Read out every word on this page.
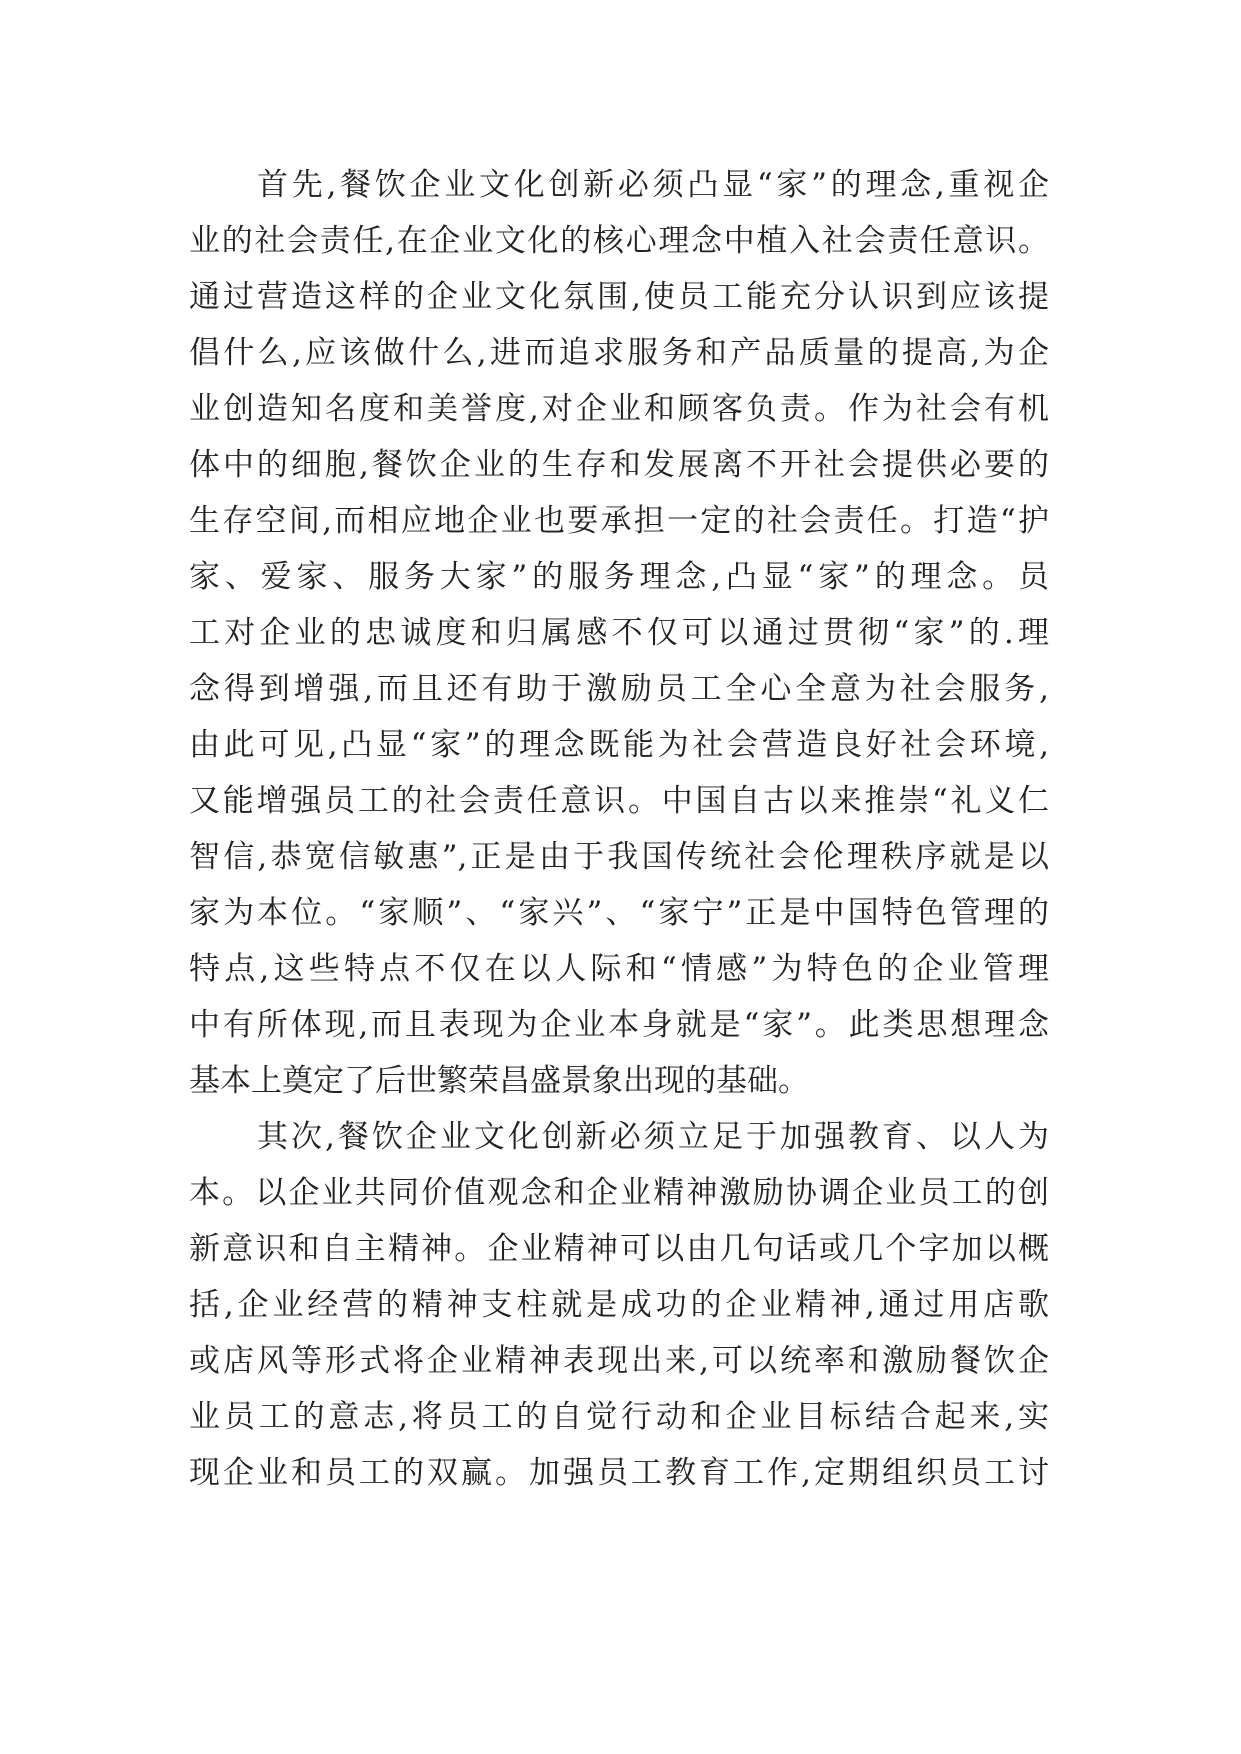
首先,餐饮企业文化创新必须凸显“家”的理念,重视企
业的社会责任,在企业文化的核心理念中植入社会责任意识。
通过营造这样的企业文化氛围,使员工能充分认识到应该提
倡什么,应该做什么,进而追求服务和产品质量的提高,为企
业创造知名度和美誉度,对企业和顾客负责。作为社会有机
体中的细胞,餐饮企业的生存和发展离不开社会提供必要的
生存空间,而相应地企业也要承担一定的社会责任。打造“护
家、爱家、服务大家”的服务理念,凸显“家”的理念。员
工对企业的忠诚度和归属感不仅可以通过贯彻“家”的.理
念得到增强,而且还有助于激励员工全心全意为社会服务,
由此可见,凸显“家”的理念既能为社会营造良好社会环境,
又能增强员工的社会责任意识。中国自古以来推崇“礼义仁
智信,恭宽信敏惠”,正是由于我国传统社会伦理秩序就是以
家为本位。“家顺”、“家兴”、“家宁”正是中国特色管理的
特点,这些特点不仅在以人际和“情感”为特色的企业管理
中有所体现,而且表现为企业本身就是“家”。此类思想理念
基本上奠定了后世繁荣昌盛景象出现的基础。
其次,餐饮企业文化创新必须立足于加强教育、以人为
本。以企业共同价值观念和企业精神激励协调企业员工的创
新意识和自主精神。企业精神可以由几句话或几个字加以概
括,企业经营的精神支柱就是成功的企业精神,通过用店歌
或店风等形式将企业精神表现出来,可以统率和激励餐饮企
业员工的意志,将员工的自觉行动和企业目标结合起来,实
现企业和员工的双赢。加强员工教育工作,定期组织员工讨
